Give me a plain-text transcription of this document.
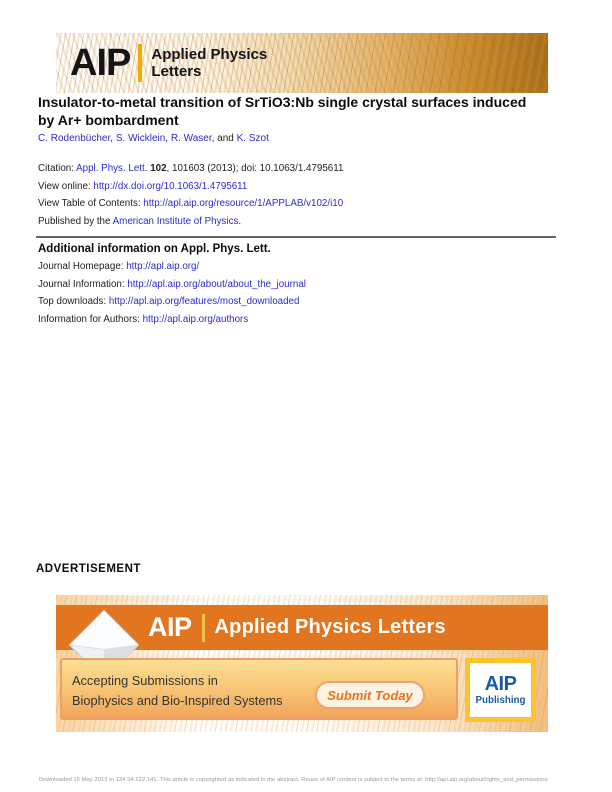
AIP Applied Physics
Letters
Insulator-to-metal transition of SrTiO3:Nb single crystal surfaces induced
by Ar+ bombardment
C. Rodenbücher, S. Wicklein, R. Waser, and K. Szot
Citation: Appl. Phys. Lett. 102, 101603 (2013); doi: 10.1063/1.4795611
View online: http://dx.doi.org/10.1063/1.4795611
View Table of Contents: http://apl.aip.org/resource/1/APPLAB/v102/i10
Published by the American Institute of Physics.
Additional information on Appl. Phys. Lett.
Journal Homepage: http://apl.aip.org/
Journal Information: http://apl.aip.org/about/about_the_journal
Top downloads: http://apl.aip.org/features/most_downloaded
Information for Authors: http://apl.aip.org/authors
ADVERTISEMENT
AIP Applied Physics Letters
Accepting Submissions in
Biophysics and Bio-Inspired Systems	Submit Today	AIP
Publishing
Downloaded 15 May 2013 to 134.94.122.141. This article is copyrighted as indicated in the abstract. Reuse of AIP content is subject to the terms at: http://apl.aip.org/about/rights_and_permissions
